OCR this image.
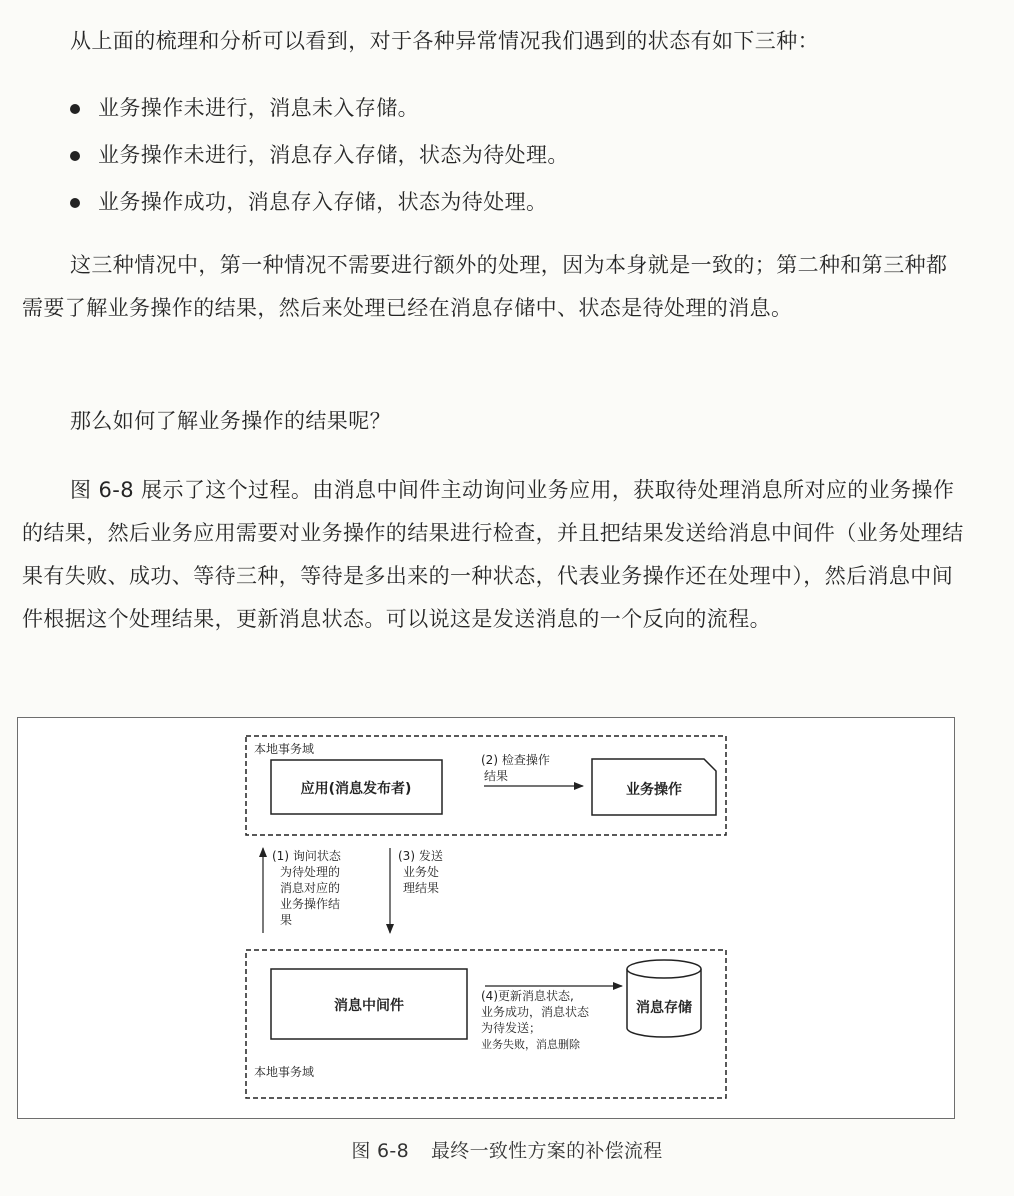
从上面的梳理和分析可以看到，对于各种异常情况我们遇到的状态有如下三种：
业务操作未进行，消息未入存储。
业务操作未进行，消息存入存储，状态为待处理。
业务操作成功，消息存入存储，状态为待处理。
这三种情况中，第一种情况不需要进行额外的处理，因为本身就是一致的；第二种和第三种都需要了解业务操作的结果，然后来处理已经在消息存储中、状态是待处理的消息。
那么如何了解业务操作的结果呢？
图 6-8 展示了这个过程。由消息中间件主动询问业务应用，获取待处理消息所对应的业务操作的结果，然后业务应用需要对业务操作的结果进行检查，并且把结果发送给消息中间件（业务处理结果有失败、成功、等待三种，等待是多出来的一种状态，代表业务操作还在处理中），然后消息中间件根据这个处理结果，更新消息状态。可以说这是发送消息的一个反向的流程。
本地事务域
应用(消息发布者)	业务操作
(2) 检查操作
结果
(1) 询问状态
为待处理的
消息对应的
业务操作结
果
(3) 发送
业务处
理结果
本地事务域
消息中间件
(4)更新消息状态,
业务成功，消息状态
为待发送；
业务失败，消息删除
消息存储
图 6-8 最终一致性方案的补偿流程
